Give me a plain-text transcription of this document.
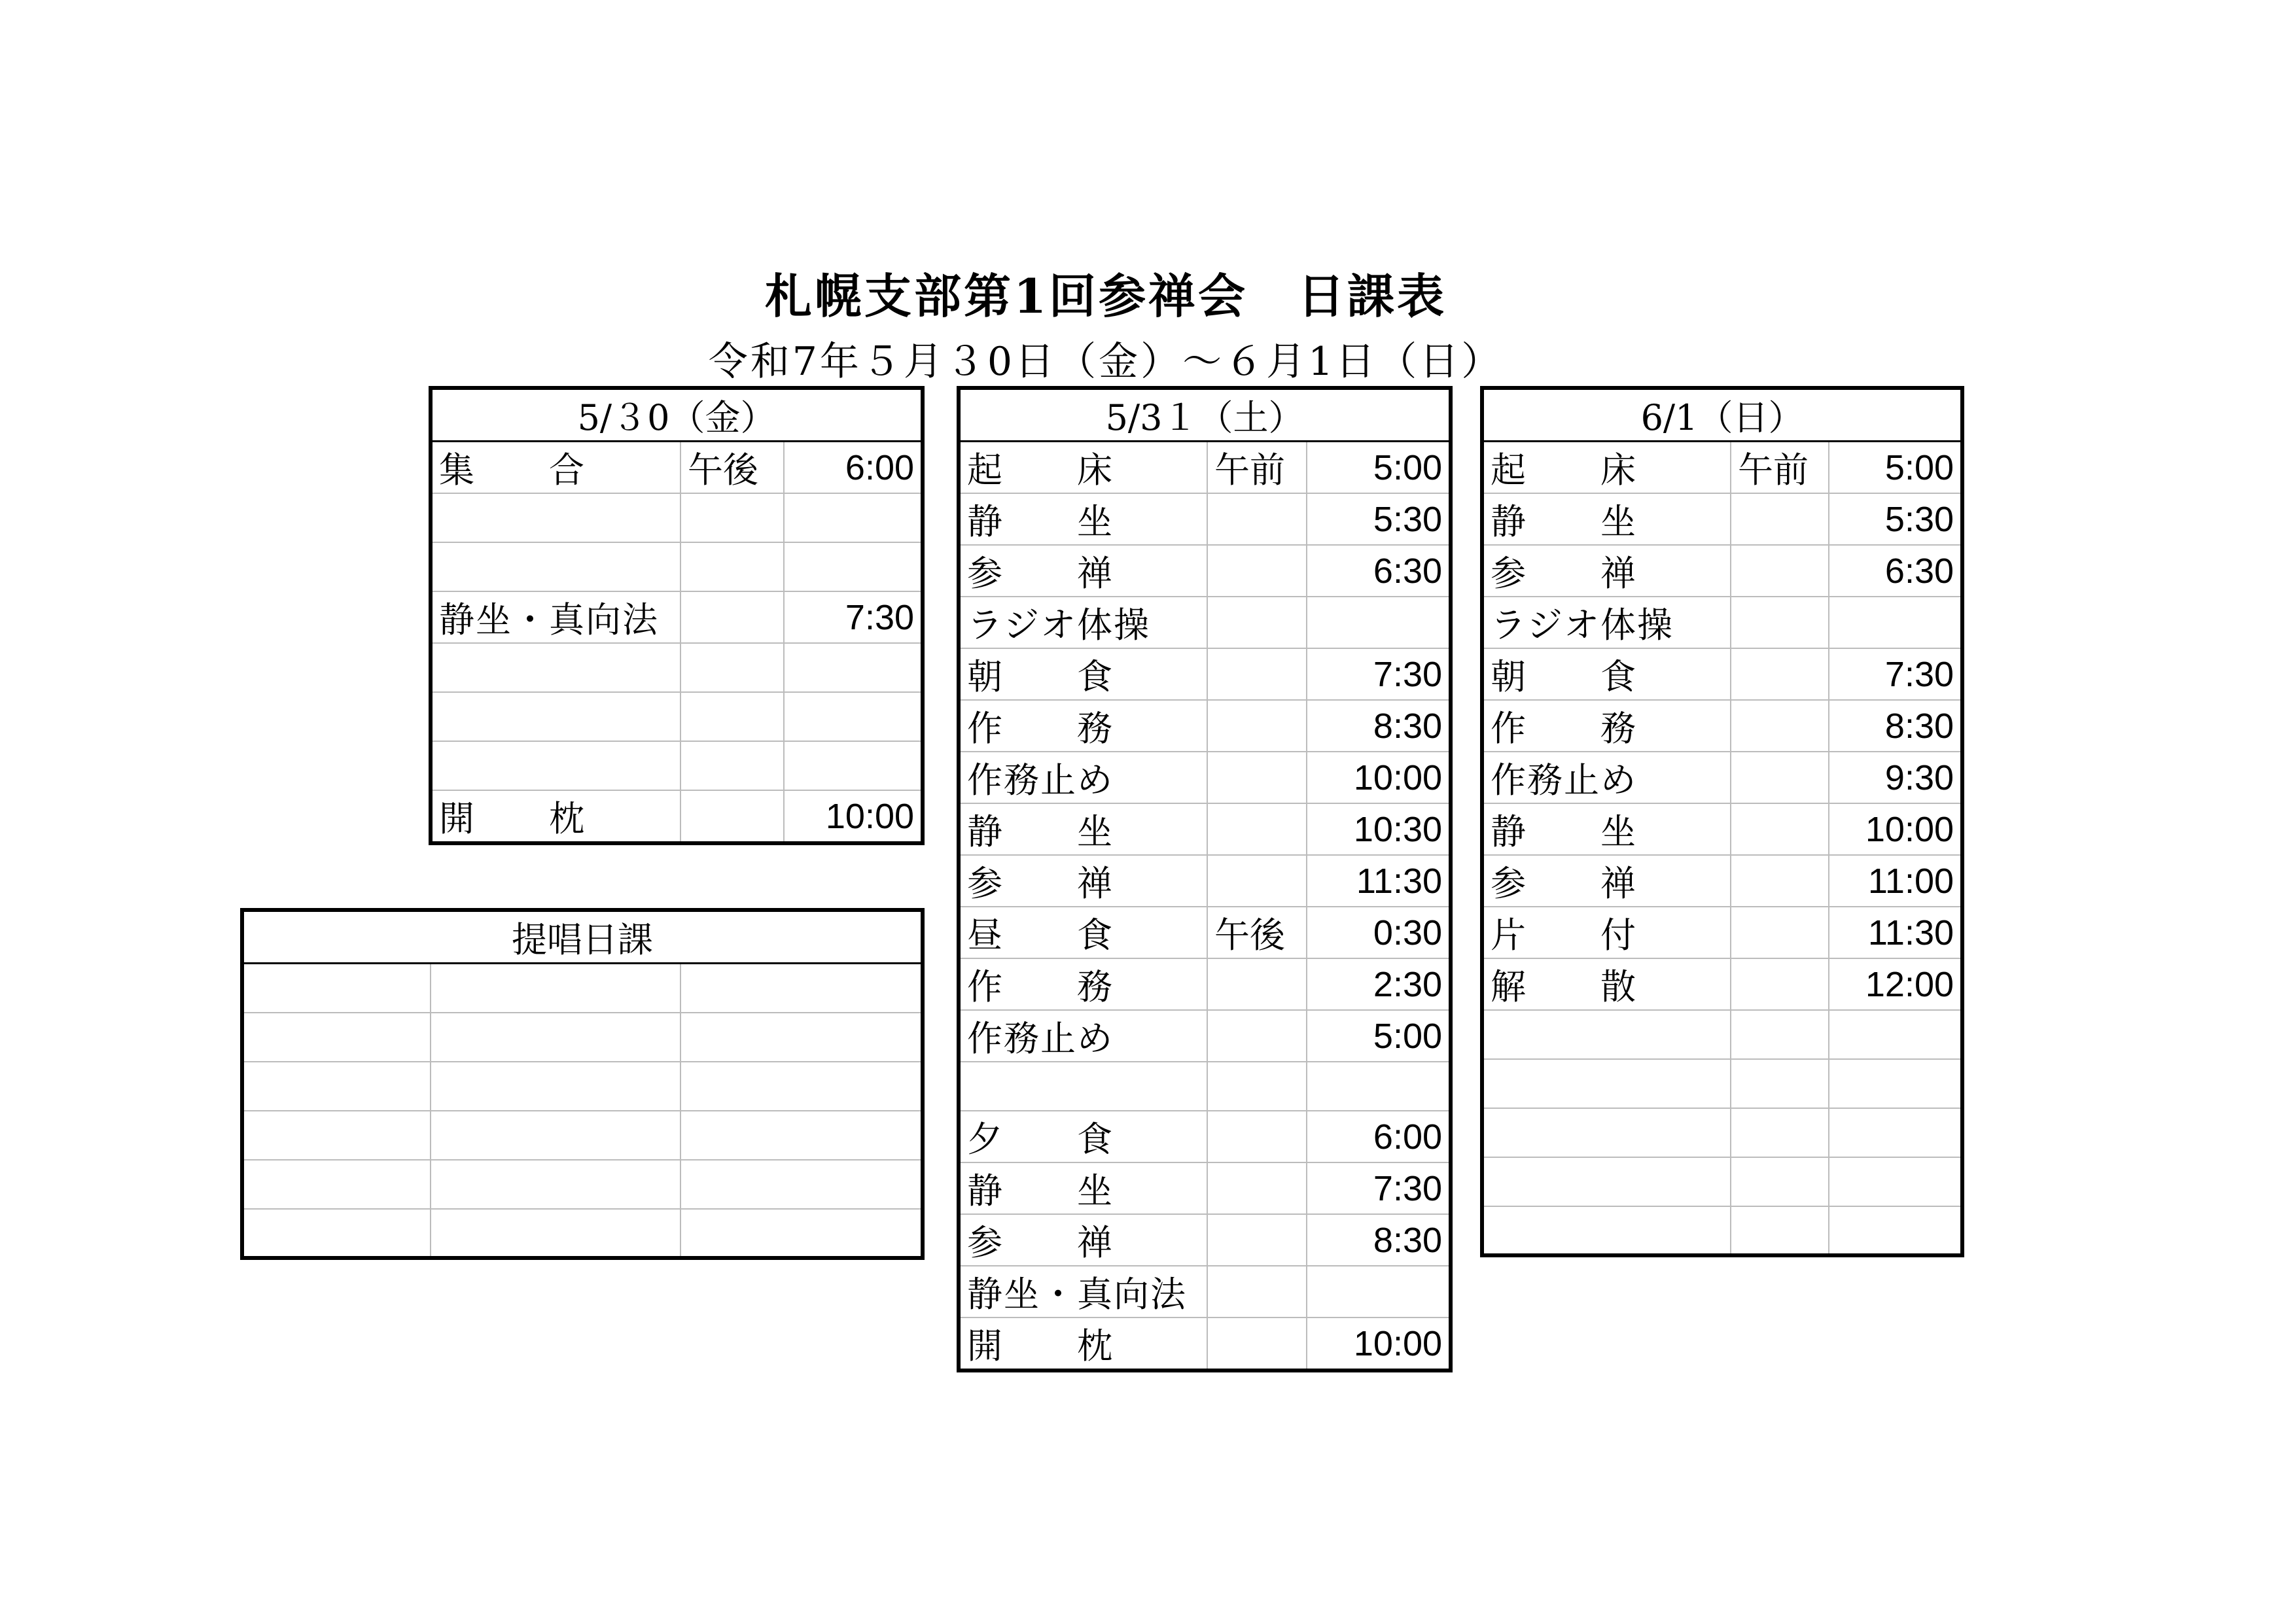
札幌支部第1回参禅会　日課表
令和7年５月３0日（金）～６月1日（日）
5/３0（金）		
集　　合	午後	6:00

静坐・真向法		7:30

開　　枕		10:00
5/3１（土）		
起　　床	午前	5:00
静　　坐		5:30
参　　禅		6:30
ラジオ体操		
朝　　食		7:30
作　　務		8:30
作務止め		10:00
静　　坐		10:30
参　　禅		11:30
昼　　食	午後	0:30
作　　務		2:30
作務止め		5:00

夕　　食		6:00
静　　坐		7:30
参　　禅		8:30
静坐・真向法		
開　　枕		10:00
6/1（日）		
起　　床	午前	5:00
静　　坐		5:30
参　　禅		6:30
ラジオ体操		
朝　　食		7:30
作　　務		8:30
作務止め		9:30
静　　坐		10:00
参　　禅		11:00
片　　付		11:30
解　　散		12:00

提唱日課		
